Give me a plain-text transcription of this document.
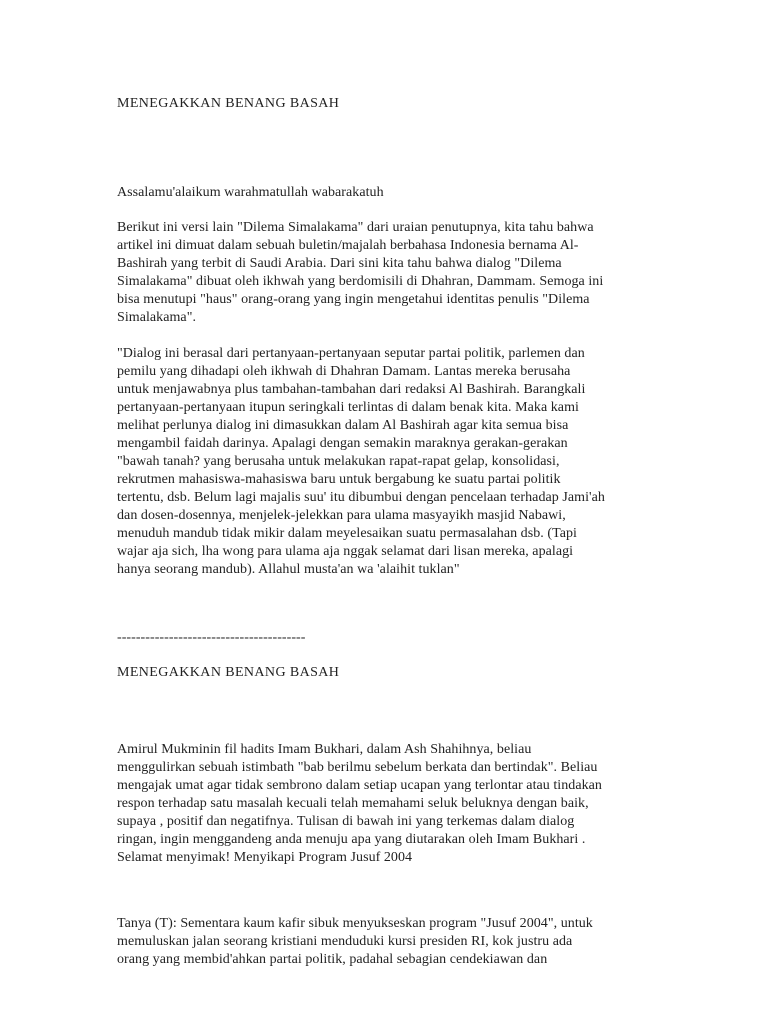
MENEGAKKAN BENANG BASAH

Assalamu'alaikum warahmatullah wabarakatuh

Berikut ini versi lain "Dilema Simalakama" dari uraian penutupnya, kita tahu bahwa
artikel ini dimuat dalam sebuah buletin/majalah berbahasa Indonesia bernama Al-
Bashirah yang terbit di Saudi Arabia. Dari sini kita tahu bahwa dialog "Dilema
Simalakama" dibuat oleh ikhwah yang berdomisili di Dhahran, Dammam. Semoga ini
bisa menutupi "haus" orang-orang yang ingin mengetahui identitas penulis "Dilema
Simalakama".

"Dialog ini berasal dari pertanyaan-pertanyaan seputar partai politik, parlemen dan
pemilu yang dihadapi oleh ikhwah di Dhahran Damam. Lantas mereka berusaha
untuk menjawabnya plus tambahan-tambahan dari redaksi Al Bashirah. Barangkali
pertanyaan-pertanyaan itupun seringkali terlintas di dalam benak kita. Maka kami
melihat perlunya dialog ini dimasukkan dalam Al Bashirah agar kita semua bisa
mengambil faidah darinya. Apalagi dengan semakin maraknya gerakan-gerakan
"bawah tanah? yang berusaha untuk melakukan rapat-rapat gelap, konsolidasi,
rekrutmen mahasiswa-mahasiswa baru untuk bergabung ke suatu partai politik
tertentu, dsb. Belum lagi majalis suu' itu dibumbui dengan pencelaan terhadap Jami'ah
dan dosen-dosennya, menjelek-jelekkan para ulama masyayikh masjid Nabawi,
menuduh mandub tidak mikir dalam meyelesaikan suatu permasalahan dsb. (Tapi
wajar aja sich, lha wong para ulama aja nggak selamat dari lisan mereka, apalagi
hanya seorang mandub). Allahul musta'an wa 'alaihit tuklan"

----------------------------------------

MENEGAKKAN BENANG BASAH

Amirul Mukminin fil hadits Imam Bukhari, dalam Ash Shahihnya, beliau
menggulirkan sebuah istimbath "bab berilmu sebelum berkata dan bertindak". Beliau
mengajak umat agar tidak sembrono dalam setiap ucapan yang terlontar atau tindakan
respon terhadap satu masalah kecuali telah memahami seluk beluknya dengan baik,
supaya , positif dan negatifnya. Tulisan di bawah ini yang terkemas dalam dialog
ringan, ingin menggandeng anda menuju apa yang diutarakan oleh Imam Bukhari .
Selamat menyimak! Menyikapi Program Jusuf 2004

Tanya (T): Sementara kaum kafir sibuk menyukseskan program "Jusuf 2004", untuk
memuluskan jalan seorang kristiani menduduki kursi presiden RI, kok justru ada
orang yang membid'ahkan partai politik, padahal sebagian cendekiawan dan
